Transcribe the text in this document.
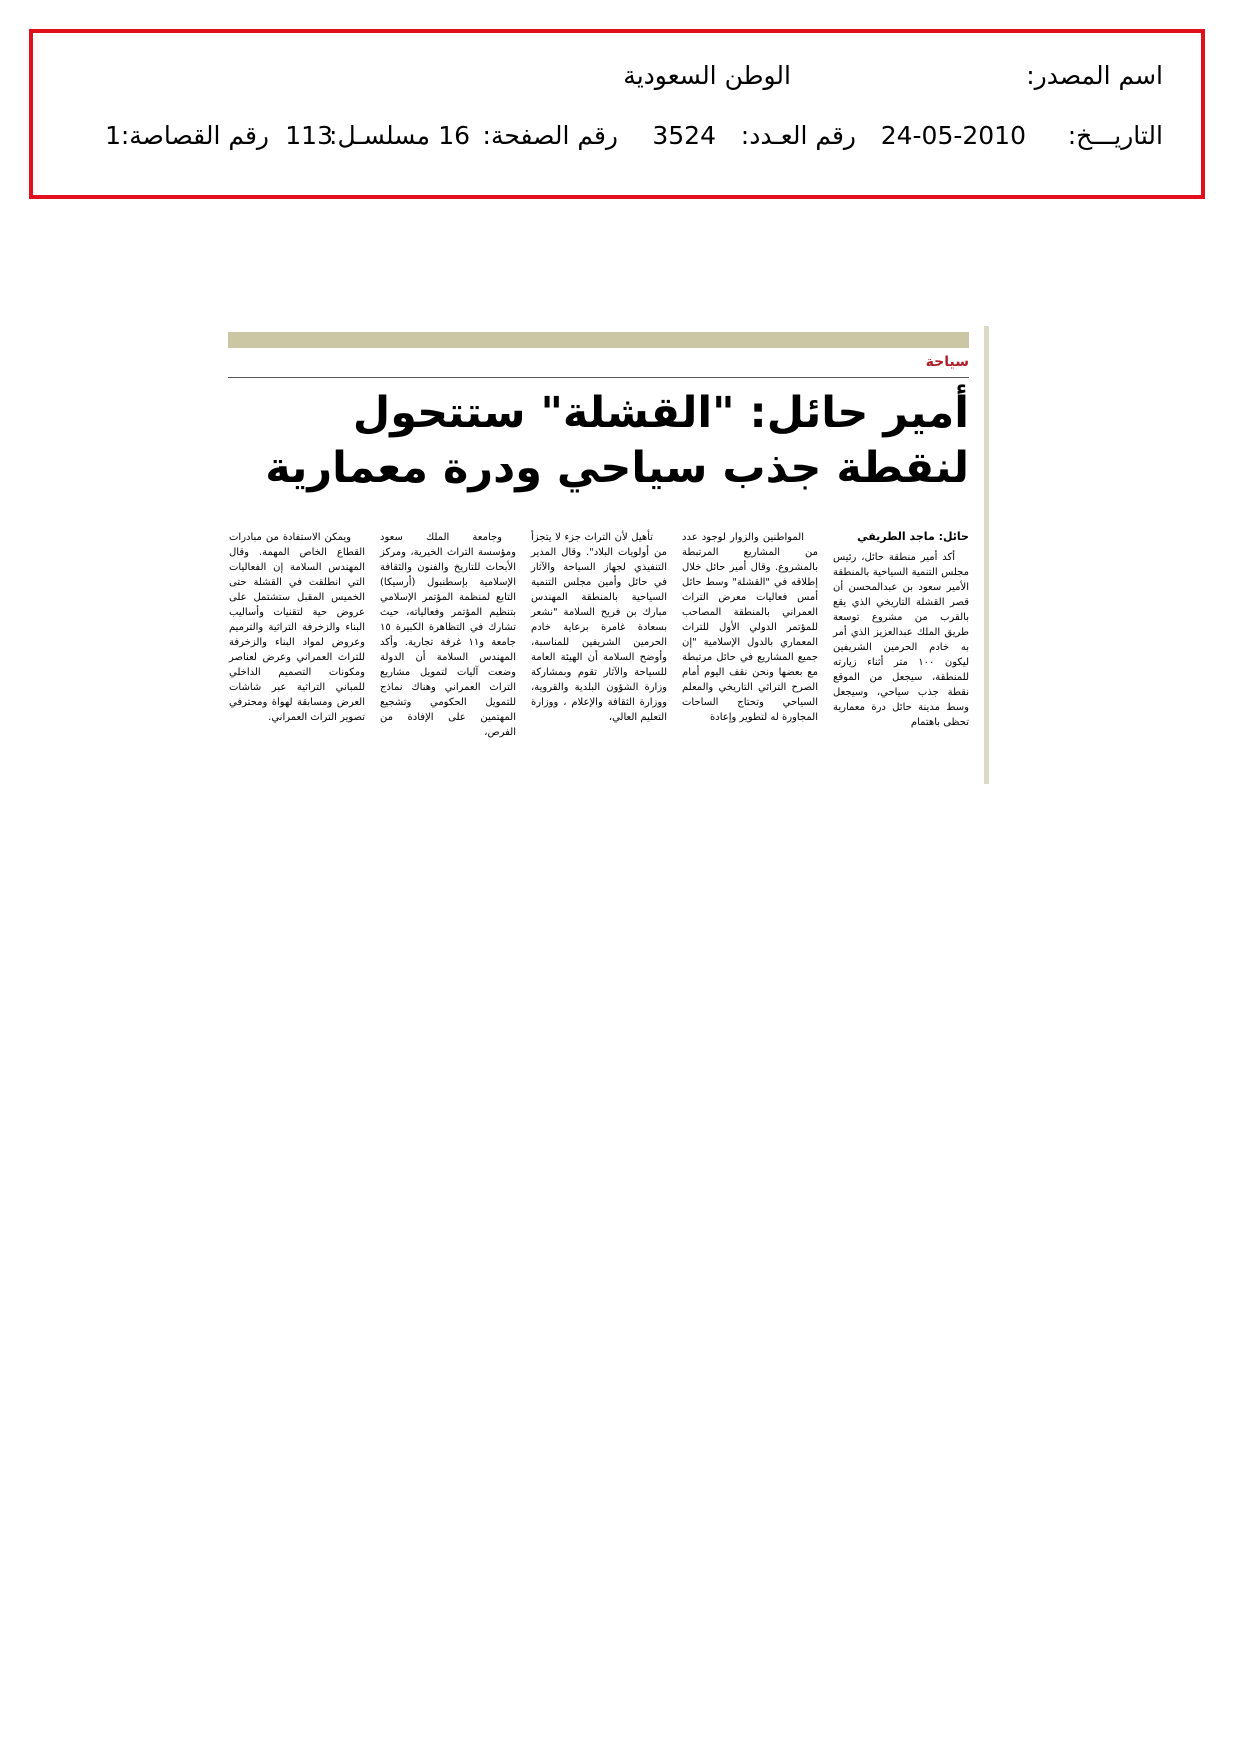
اسم المصدر:
الوطن السعودية
التاريـــخ:
24-05-2010
رقم العـدد:
3524
رقم الصفحة:
16
مسلسـل:
113
رقم القصاصة:
1
سياحة
أمير حائل: "القشلة" ستتحول لنقطة جذب سياحي ودرة معمارية
حائل: ماجد الطريفي

أكد أمير منطقة حائل، رئيس مجلس التنمية السياحية بالمنطقة الأمير سعود بن عبدالمحسن أن قصر القشلة التاريخي الذي يقع بالقرب من مشروع توسعة طريق الملك عبدالعزيز الذي أمر به خادم الحرمين الشريفين ليكون ١٠٠ متر أثناء زيارته للمنطقة، سيجعل من الموقع نقطة جذب سياحي، وسيجعل وسط مدينة حائل درة معمارية تحظى باهتمام

المواطنين والزوار لوجود عدد من المشاريع المرتبطة بالمشروع. وقال أمير حائل خلال إطلاقه في "القشلة" وسط حائل أمس فعاليات معرض التراث العمراني بالمنطقة المصاحب للمؤتمر الدولي الأول للتراث المعماري بالدول الإسلامية "إن جميع المشاريع في حائل مرتبطة مع بعضها ونحن نقف اليوم أمام الصرح التراثي التاريخي والمعلم السياحي وتحتاج الساحات المجاورة له لتطوير وإعادة

تأهيل لأن التراث جزء لا يتجزأ من أولويات البلاد". وقال المدير التنفيذي لجهاز السياحة والآثار في حائل وأمين مجلس التنمية السياحية بالمنطقة المهندس مبارك بن فريح السلامة "نشعر بسعادة غامرة برعاية خادم الحرمين الشريفين للمناسبة، وأوضح السلامة أن الهيئة العامة للسياحة والآثار تقوم وبمشاركة وزارة الشؤون البلدية والقروية، ووزارة الثقافة والإعلام ، ووزارة التعليم العالي،

وجامعة الملك سعود ومؤسسة التراث الخيرية، ومركز الأبحاث للتاريخ والفنون والثقافة الإسلامية بإسطنبول (أرسيكا) التابع لمنظمة المؤتمر الإسلامي بتنظيم المؤتمر وفعالياته، حيث تشارك في التظاهرة الكبيرة ١٥ جامعة و١١ غرفة تجارية. وأكد المهندس السلامة أن الدولة وضعت آليات لتمويل مشاريع التراث العمراني وهناك نماذج للتمويل الحكومي وتشجيع المهتمين على الإفادة من الفرص،

ويمكن الاستفادة من مبادرات القطاع الخاص المهمة. وقال المهندس السلامة إن الفعاليات التي انطلقت في القشلة حتى الخميس المقبل ستشتمل على عروض حية لتقنيات وأساليب البناء والزخرفة التراثية والترميم وعروض لمواد البناء والزخرفة للتراث العمراني وعرض لعناصر ومكونات التصميم الداخلي للمباني التراثية عبر شاشات العرض ومسابقة لهواة ومحترفي تصوير التراث العمراني.
